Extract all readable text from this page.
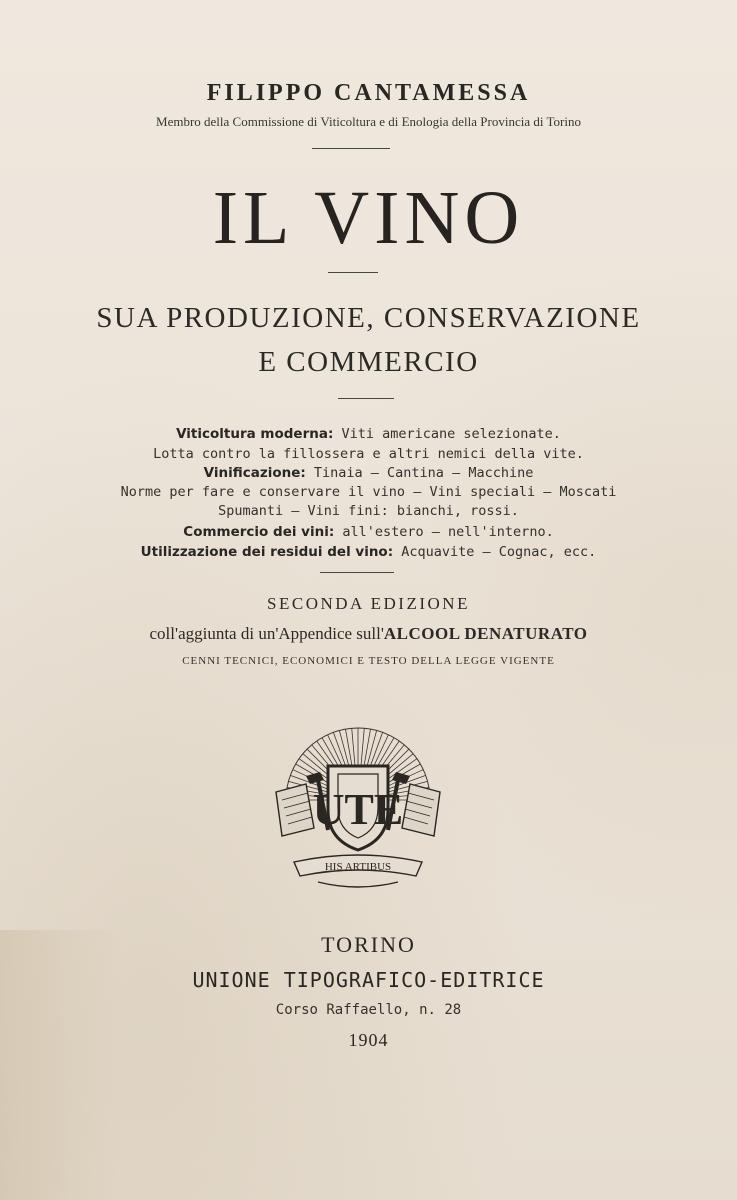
FILIPPO CANTAMESSA
Membro della Commissione di Viticoltura e di Enologia della Provincia di Torino
IL VINO
SUA PRODUZIONE, CONSERVAZIONE
E COMMERCIO
Viticoltura moderna: Viti americane selezionate.
Lotta contro la fillossera e altri nemici della vite.
Vinificazione: Tinaia — Cantina — Macchine
Norme per fare e conservare il vino — Vini speciali — Moscati
Spumanti — Vini fini: bianchi, rossi.
Commercio dei vini: all'estero — nell'interno.
Utilizzazione dei residui del vino: Acquavite — Cognac, ecc.
SECONDA EDIZIONE
coll'aggiunta di un'Appendice sull'ALCOOL DENATURATO
CENNI TECNICI, ECONOMICI E TESTO DELLA LEGGE VIGENTE
UTE
HIS ARTIBUS
TORINO
UNIONE TIPOGRAFICO-EDITRICE
Corso Raffaello, n. 28
1904
